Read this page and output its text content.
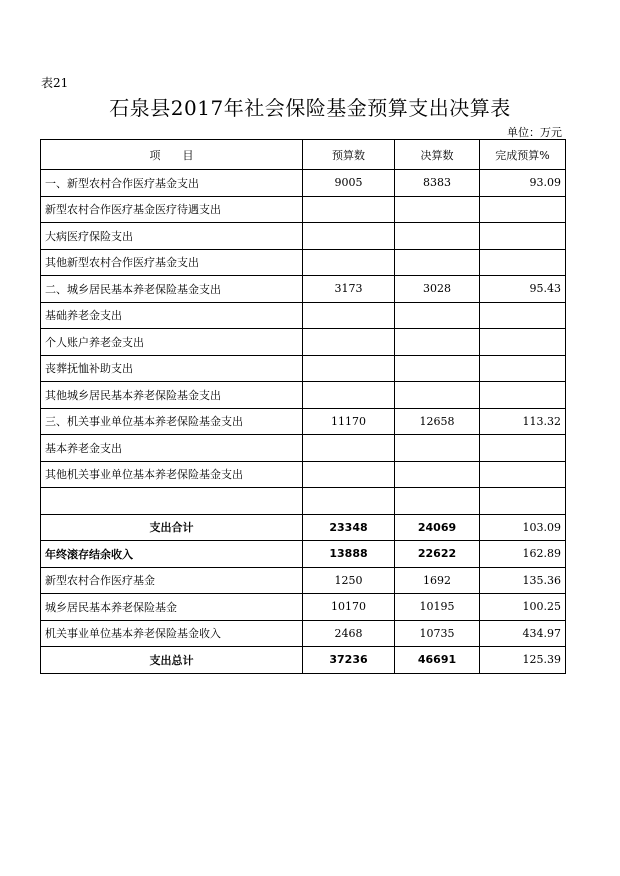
表21
石泉县2017年社会保险基金预算支出决算表
单位：万元
项　　目	预算数	决算数	完成预算%
一、新型农村合作医疗基金支出	9005	8383	93.09
新型农村合作医疗基金医疗待遇支出			
大病医疗保险支出			
其他新型农村合作医疗基金支出			
二、城乡居民基本养老保险基金支出	3173	3028	95.43
基础养老金支出			
个人账户养老金支出			
丧葬抚恤补助支出			
其他城乡居民基本养老保险基金支出			
三、机关事业单位基本养老保险基金支出	11170	12658	113.32
基本养老金支出			
其他机关事业单位基本养老保险基金支出			

支出合计	23348	24069	103.09
年终滚存结余收入	13888	22622	162.89
新型农村合作医疗基金	1250	1692	135.36
城乡居民基本养老保险基金	10170	10195	100.25
机关事业单位基本养老保险基金收入	2468	10735	434.97
支出总计	37236	46691	125.39
